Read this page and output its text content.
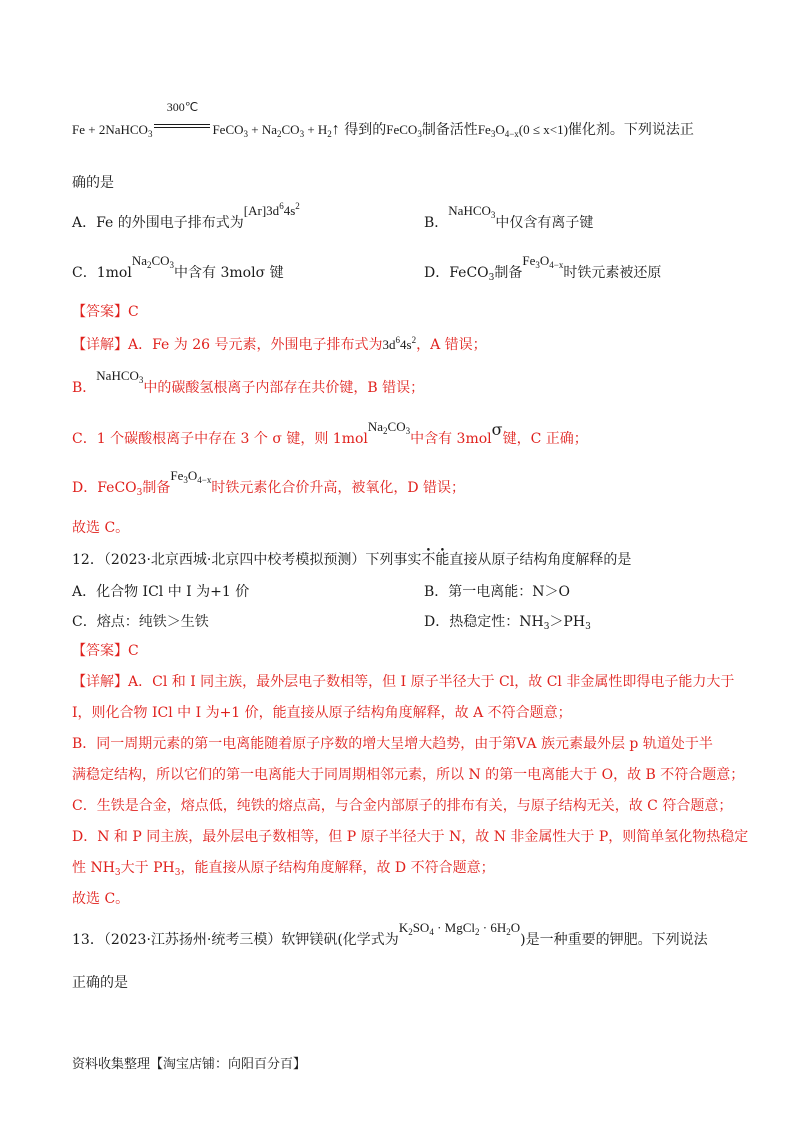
Fe + 2NaHCO$_3$
300℃
FeCO$_3$ + $Na_2CO_3$ + $H_2↑$ 得到的FeCO$_3$制备活性$Fe_3O_{4-x}(0 \le x<1)$催化剂。下列说法正
确的是
A．Fe 的外围电子排布式为$[Ar]3d^64s^2$
B．NaHCO$_3$中仅含有离子键
C．$1molNa_2CO_3$中含有 3molσ 键	D．FeCO$_3$制备$Fe_3O_{4-x}$时铁元素被还原
【答案】C
【详解】A．Fe 为 26 号元素，外围电子排布式为$3d^64s^2$，A 错误；
B．NaHCO$_3$中的碳酸氢根离子内部存在共价键，B 错误；
C．1 个碳酸根离子中存在 3 个 σ 键，则 $1molNa_2CO_3$中含有 3molσ键，C 正确；
D．FeCO$_3$制备$Fe_3O_{4-x}$时铁元素化合价升高，被氧化，D 错误；
故选 C。
12．（2023·北京西城·北京四中校考模拟预测）下列事实不能直接从原子结构角度解释的是
A．化合物 ICl 中 I 为+1 价	B．第一电离能：N＞O
C．熔点：纯铁＞生铁	D．热稳定性：$NH_3>PH_3$
【答案】C
【详解】A．Cl 和 I 同主族，最外层电子数相等，但 I 原子半径大于 Cl，故 Cl 非金属性即得电子能力大于
I，则化合物 ICl 中 I 为+1 价，能直接从原子结构角度解释，故 A 不符合题意；
B．同一周期元素的第一电离能随着原子序数的增大呈增大趋势，由于第ⅤA 族元素最外层 p 轨道处于半
满稳定结构，所以它们的第一电离能大于同周期相邻元素，所以 N 的第一电离能大于 O，故 B 不符合题意；
C．生铁是合金，熔点低，纯铁的熔点高，与合金内部原子的排布有关，与原子结构无关，故 C 符合题意；
D．N 和 P 同主族，最外层电子数相等，但 P 原子半径大于 N，故 N 非金属性大于 P，则简单氢化物热稳定
性 $NH_3$大于 $PH_3$，能直接从原子结构角度解释，故 D 不符合题意；
故选 C。
13．（2023·江苏扬州·统考三模）软钾镁矾(化学式为$K_2SO_4$ · MgCl$_2$ · $6H_2O$)是一种重要的钾肥。下列说法
正确的是
资料收集整理【淘宝店铺：向阳百分百】
